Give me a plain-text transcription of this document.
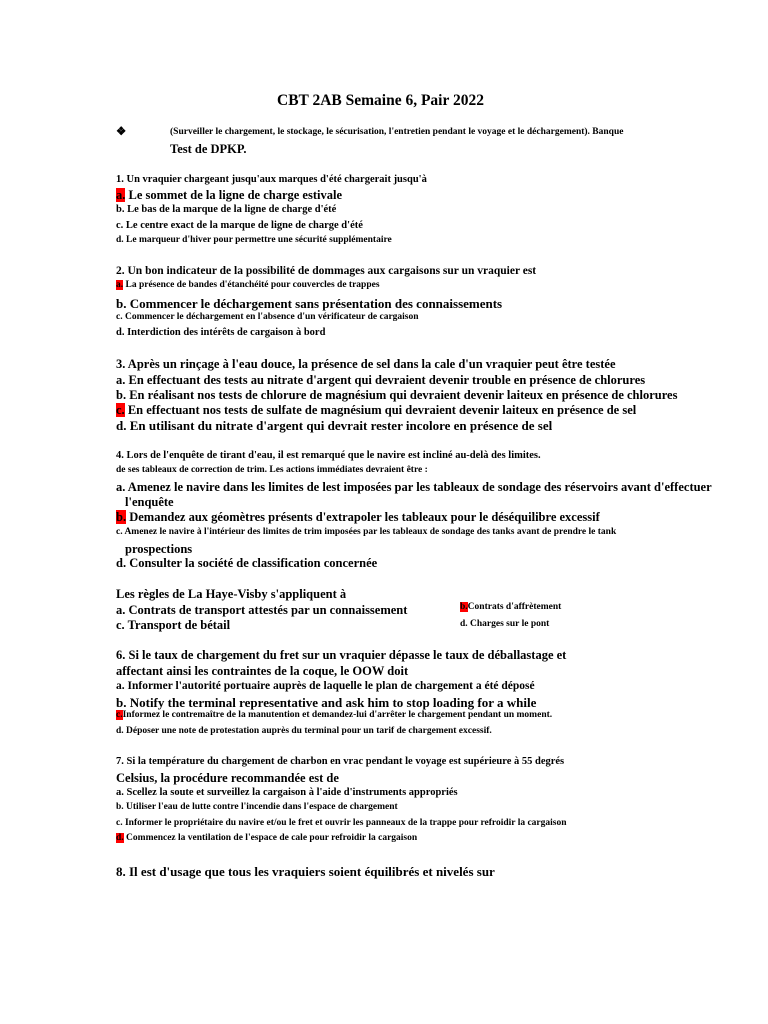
CBT 2AB Semaine 6, Pair 2022
❖	(Surveiller le chargement, le stockage, le sécurisation, l'entretien pendant le voyage et le déchargement). Banque
Test de DPKP.
1. Un vraquier chargeant jusqu'aux marques d'été chargerait jusqu'à
a. Le sommet de la ligne de charge estivale
b. Le bas de la marque de la ligne de charge d'été
c. Le centre exact de la marque de ligne de charge d'été
d. Le marqueur d'hiver pour permettre une sécurité supplémentaire
2. Un bon indicateur de la possibilité de dommages aux cargaisons sur un vraquier est
a. La présence de bandes d'étanchéité pour couvercles de trappes
b. Commencer le déchargement sans présentation des connaissements
c. Commencer le déchargement en l'absence d'un vérificateur de cargaison
d. Interdiction des intérêts de cargaison à bord
3. Après un rinçage à l'eau douce, la présence de sel dans la cale d'un vraquier peut être testée
a. En effectuant des tests au nitrate d'argent qui devraient devenir trouble en présence de chlorures
b. En réalisant nos tests de chlorure de magnésium qui devraient devenir laiteux en présence de chlorures
c. En effectuant nos tests de sulfate de magnésium qui devraient devenir laiteux en présence de sel
d. En utilisant du nitrate d'argent qui devrait rester incolore en présence de sel
4. Lors de l'enquête de tirant d'eau, il est remarqué que le navire est incliné au-delà des limites.
de ses tableaux de correction de trim. Les actions immédiates devraient être :
a. Amenez le navire dans les limites de lest imposées par les tableaux de sondage des réservoirs avant d'effectuer
l'enquête
b. Demandez aux géomètres présents d'extrapoler les tableaux pour le déséquilibre excessif
c. Amenez le navire à l'intérieur des limites de trim imposées par les tableaux de sondage des tanks avant de prendre le tank
prospections
d. Consulter la société de classification concernée
Les règles de La Haye-Visby s'appliquent à
a. Contrats de transport attestés par un connaissement	b.Contrats d'affrètement
c. Transport de bétail	d. Charges sur le pont
6. Si le taux de chargement du fret sur un vraquier dépasse le taux de déballastage et
affectant ainsi les contraintes de la coque, le OOW doit
a. Informer l'autorité portuaire auprès de laquelle le plan de chargement a été déposé
b. Notify the terminal representative and ask him to stop loading for a while
c.Informez le contremaître de la manutention et demandez-lui d'arrêter le chargement pendant un moment.
d. Déposer une note de protestation auprès du terminal pour un tarif de chargement excessif.
7. Si la température du chargement de charbon en vrac pendant le voyage est supérieure à 55 degrés
Celsius, la procédure recommandée est de
a. Scellez la soute et surveillez la cargaison à l'aide d'instruments appropriés
b. Utiliser l'eau de lutte contre l'incendie dans l'espace de chargement
c. Informer le propriétaire du navire et/ou le fret et ouvrir les panneaux de la trappe pour refroidir la cargaison
d. Commencez la ventilation de l'espace de cale pour refroidir la cargaison
8. Il est d'usage que tous les vraquiers soient équilibrés et nivelés sur
